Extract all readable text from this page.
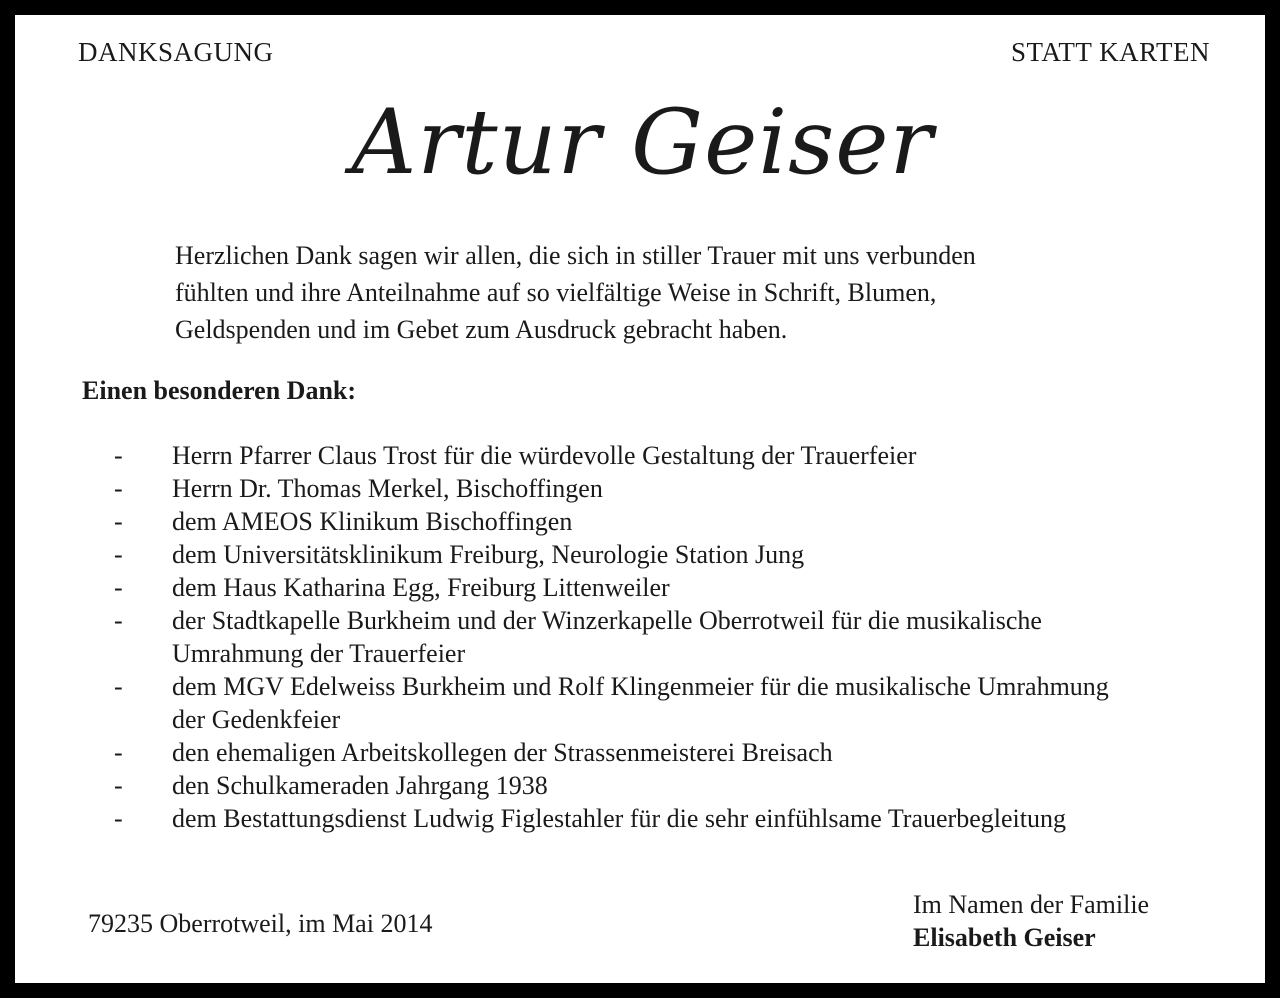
DANKSAGUNG	STATT KARTEN
Artur Geiser
Herzlichen Dank sagen wir allen, die sich in stiller Trauer mit uns verbunden
fühlten und ihre Anteilnahme auf so vielfältige Weise in Schrift, Blumen,
Geldspenden und im Gebet zum Ausdruck gebracht haben.
Einen besonderen Dank:
- Herrn Pfarrer Claus Trost für die würdevolle Gestaltung der Trauerfeier
- Herrn Dr. Thomas Merkel, Bischoffingen
- dem AMEOS Klinikum Bischoffingen
- dem Universitätsklinikum Freiburg, Neurologie Station Jung
- dem Haus Katharina Egg, Freiburg Littenweiler
- der Stadtkapelle Burkheim und der Winzerkapelle Oberrotweil für die musikalische
Umrahmung der Trauerfeier
- dem MGV Edelweiss Burkheim und Rolf Klingenmeier für die musikalische Umrahmung
der Gedenkfeier
- den ehemaligen Arbeitskollegen der Strassenmeisterei Breisach
- den Schulkameraden Jahrgang 1938
- dem Bestattungsdienst Ludwig Figlestahler für die sehr einfühlsame Trauerbegleitung
79235 Oberrotweil, im Mai 2014
Im Namen der Familie
Elisabeth Geiser
